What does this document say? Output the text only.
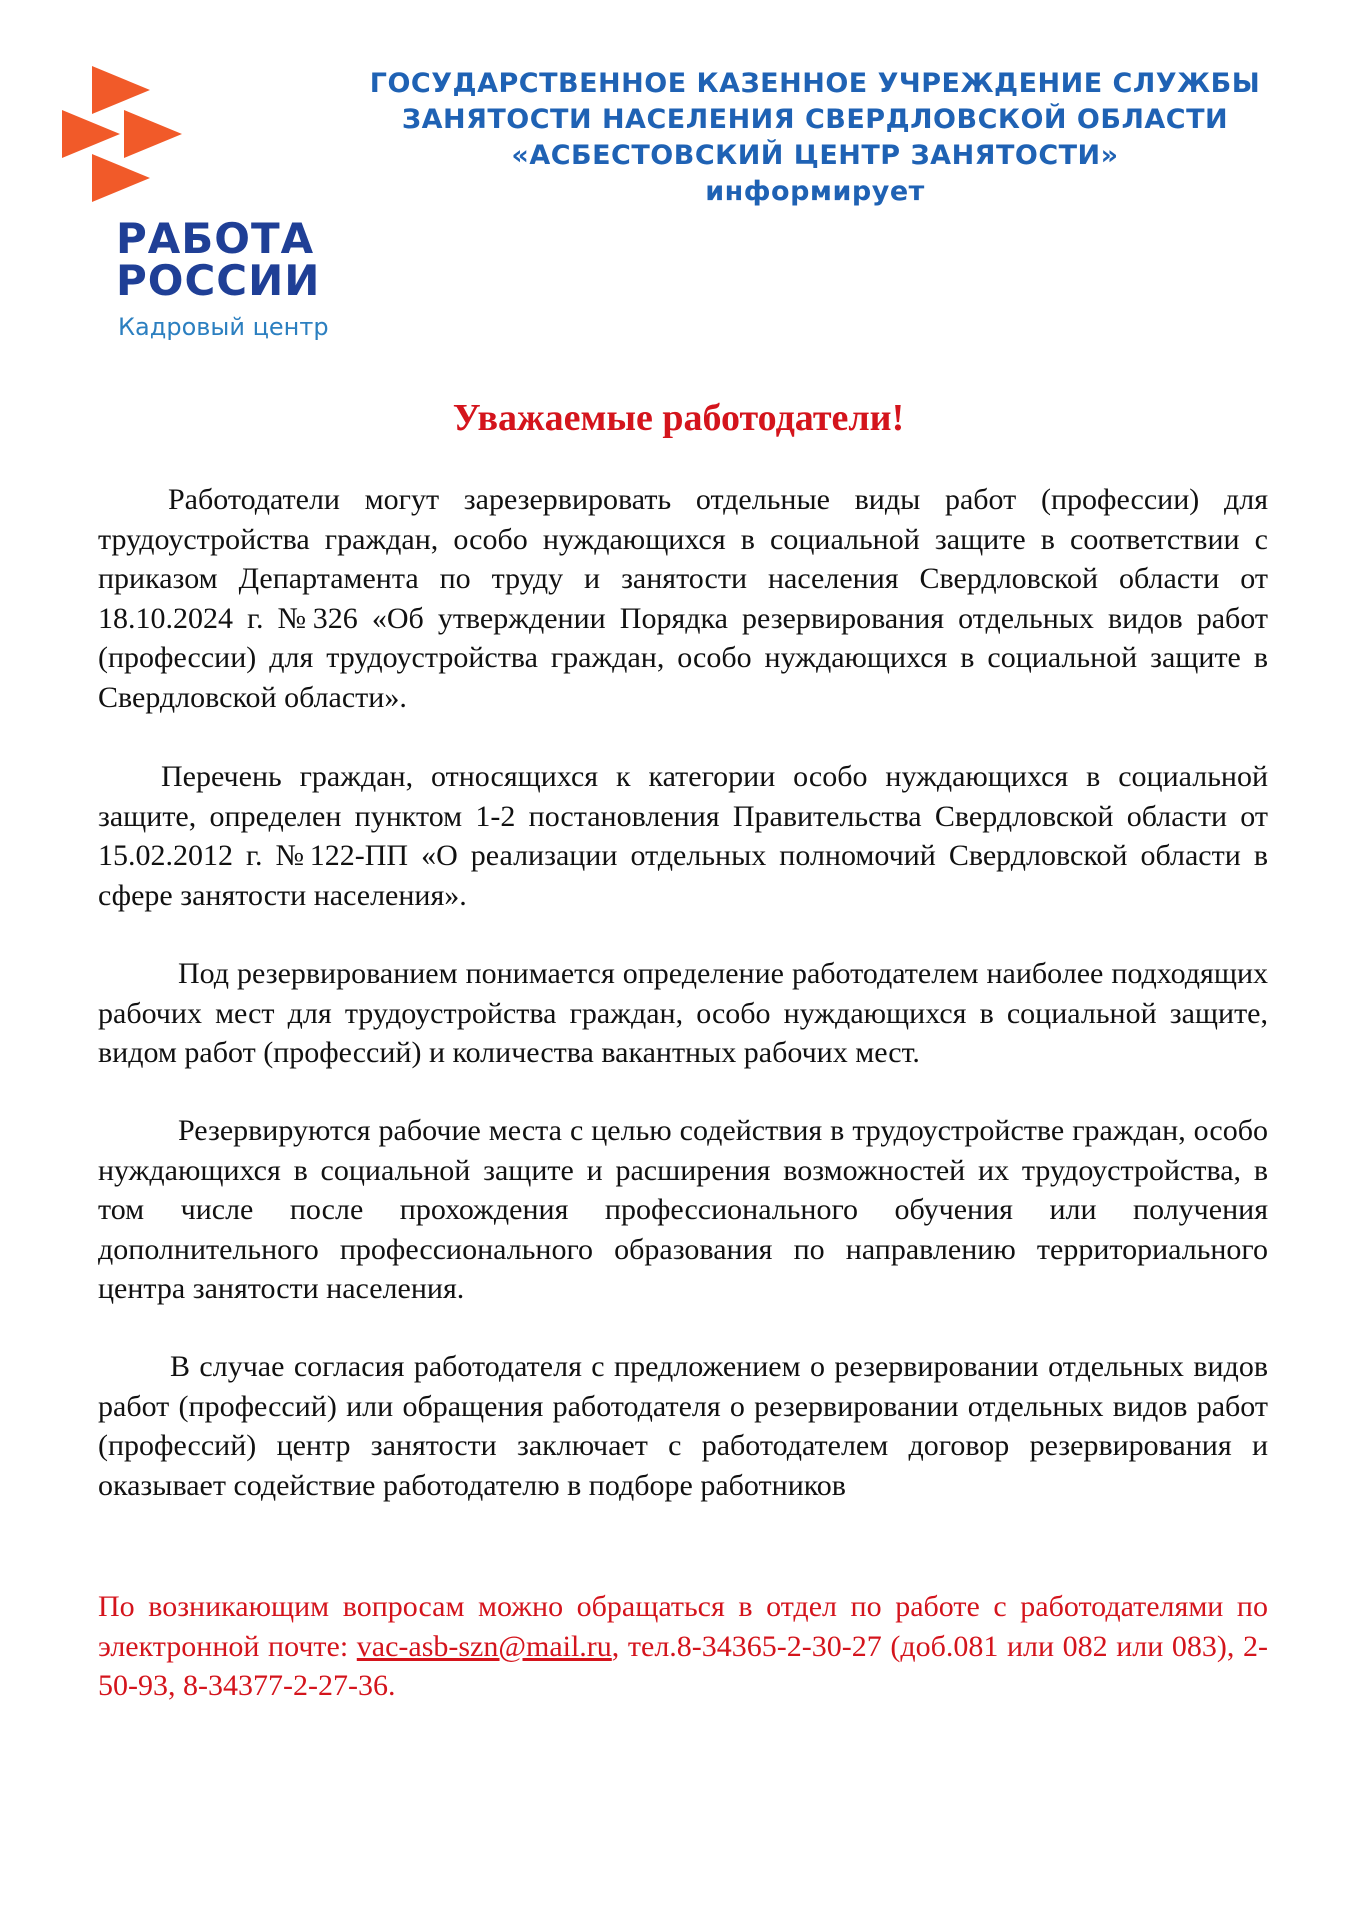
РАБОТА
РОССИИ
Кадровый центр
ГОСУДАРСТВЕННОЕ КАЗЕННОЕ УЧРЕЖДЕНИЕ СЛУЖБЫ
ЗАНЯТОСТИ НАСЕЛЕНИЯ СВЕРДЛОВСКОЙ ОБЛАСТИ
«АСБЕСТОВСКИЙ ЦЕНТР ЗАНЯТОСТИ»
информирует
Уважаемые работодатели!

Работодатели могут зарезервировать отдельные виды работ (профессии) для трудоустройства граждан, особо нуждающихся в социальной защите в соответствии с приказом Департамента по труду и занятости населения Свердловской области от 18.10.2024 г. №326 «Об утверждении Порядка резервирования отдельных видов работ (профессии) для трудоустройства граждан, особо нуждающихся в социальной защите в Свердловской области».

Перечень граждан, относящихся к категории особо нуждающихся в социальной защите, определен пунктом 1-2 постановления Правительства Свердловской области от 15.02.2012 г. №122-ПП «О реализации отдельных полномочий Свердловской области в сфере занятости населения».

Под резервированием понимается определение работодателем наиболее подходящих рабочих мест для трудоустройства граждан, особо нуждающихся в социальной защите, видом работ (профессий) и количества вакантных рабочих мест.

Резервируются рабочие места с целью содействия в трудоустройстве граждан, особо нуждающихся в социальной защите и расширения возможностей их трудоустройства, в том числе после прохождения профессионального обучения или получения дополнительного профессионального образования по направлению территориального центра занятости населения.

В случае согласия работодателя с предложением о резервировании отдельных видов работ (профессий) или обращения работодателя о резервировании отдельных видов работ (профессий) центр занятости заключает с работодателем договор резервирования и оказывает содействие работодателю в подборе работников

По возникающим вопросам можно обращаться в отдел по работе с работодателями по электронной почте: vac-asb-szn@mail.ru, тел.8-34365-2-30-27 (доб.081 или 082 или 083), 2-50-93, 8-34377-2-27-36.
